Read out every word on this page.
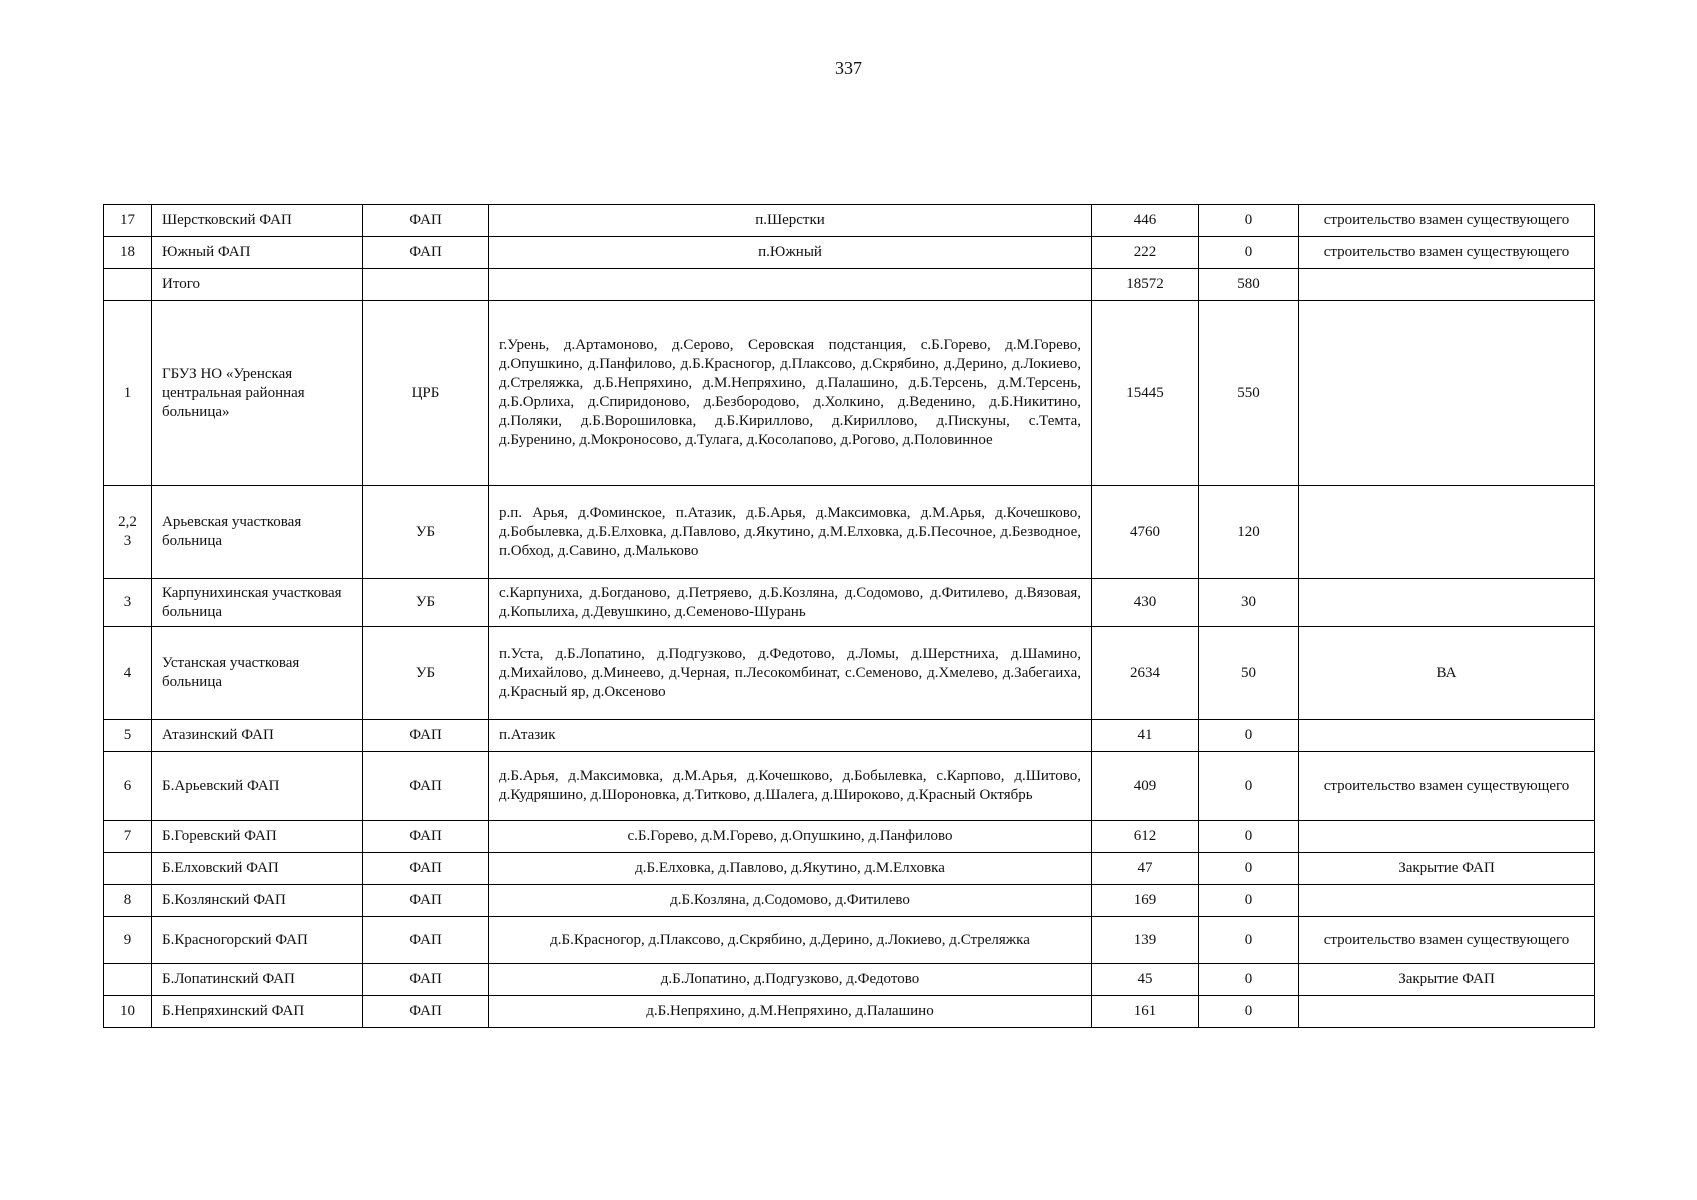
337
17	Шерстковский ФАП	ФАП	п.Шерстки	446	0	строительство взамен существующего
18	Южный ФАП	ФАП	п.Южный	222	0	строительство взамен существующего
	Итого			18572	580	
1	ГБУЗ НО «Уренская центральная районная больница»	ЦРБ	г.Урень, д.Артамоново, д.Серово, Серовская подстанция, с.Б.Горево, д.М.Горево, д.Опушкино, д.Панфилово, д.Б.Красногор, д.Плаксово, д.Скрябино, д.Дерино, д.Локиево, д.Стреляжка, д.Б.Непряхино, д.М.Непряхино, д.Палашино, д.Б.Терсень, д.М.Терсень, д.Б.Орлиха, д.Спиридоново, д.Безбородово, д.Холкино, д.Веденино, д.Б.Никитино, д.Поляки, д.Б.Ворошиловка, д.Б.Кириллово, д.Кириллово, д.Пискуны, с.Темта, д.Буренино, д.Мокроносово, д.Тулага, д.Косолапово, д.Рогово, д.Половинное	15445	550	
2,2 3	Арьевская участковая больница	УБ	р.п. Арья, д.Фоминское, п.Атазик, д.Б.Арья, д.Максимовка, д.М.Арья, д.Кочешково, д.Бобылевка, д.Б.Елховка, д.Павлово, д.Якутино, д.М.Елховка, д.Б.Песочное, д.Безводное, п.Обход, д.Савино, д.Мальково	4760	120	
3	Карпунихинская участковая больница	УБ	с.Карпуниха, д.Богданово, д.Петряево, д.Б.Козляна, д.Содомово, д.Фитилево, д.Вязовая, д.Копылиха, д.Девушкино, д.Семеново-Шурань	430	30	
4	Устанская участковая больница	УБ	п.Уста, д.Б.Лопатино, д.Подгузково, д.Федотово, д.Ломы, д.Шерстниха, д.Шамино, д.Михайлово, д.Минеево, д.Черная, п.Лесокомбинат, с.Семеново, д.Хмелево, д.Забегаиха, д.Красный яр, д.Оксеново	2634	50	ВА
5	Атазинский ФАП	ФАП	п.Атазик	41	0	
6	Б.Арьевский ФАП	ФАП	д.Б.Арья, д.Максимовка, д.М.Арья, д.Кочешково, д.Бобылевка, с.Карпово, д.Шитово, д.Кудряшино, д.Шороновка, д.Титково, д.Шалега, д.Широково, д.Красный Октябрь	409	0	строительство взамен существующего
7	Б.Горевский ФАП	ФАП	с.Б.Горево, д.М.Горево, д.Опушкино, д.Панфилово	612	0	
	Б.Елховский ФАП	ФАП	д.Б.Елховка, д.Павлово, д.Якутино, д.М.Елховка	47	0	Закрытие ФАП
8	Б.Козлянский ФАП	ФАП	д.Б.Козляна, д.Содомово, д.Фитилево	169	0	
9	Б.Красногорский ФАП	ФАП	д.Б.Красногор, д.Плаксово, д.Скрябино, д.Дерино, д.Локиево, д.Стреляжка	139	0	строительство взамен существующего
	Б.Лопатинский ФАП	ФАП	д.Б.Лопатино, д.Подгузково, д.Федотово	45	0	Закрытие ФАП
10	Б.Непряхинский ФАП	ФАП	д.Б.Непряхино, д.М.Непряхино, д.Палашино	161	0	
